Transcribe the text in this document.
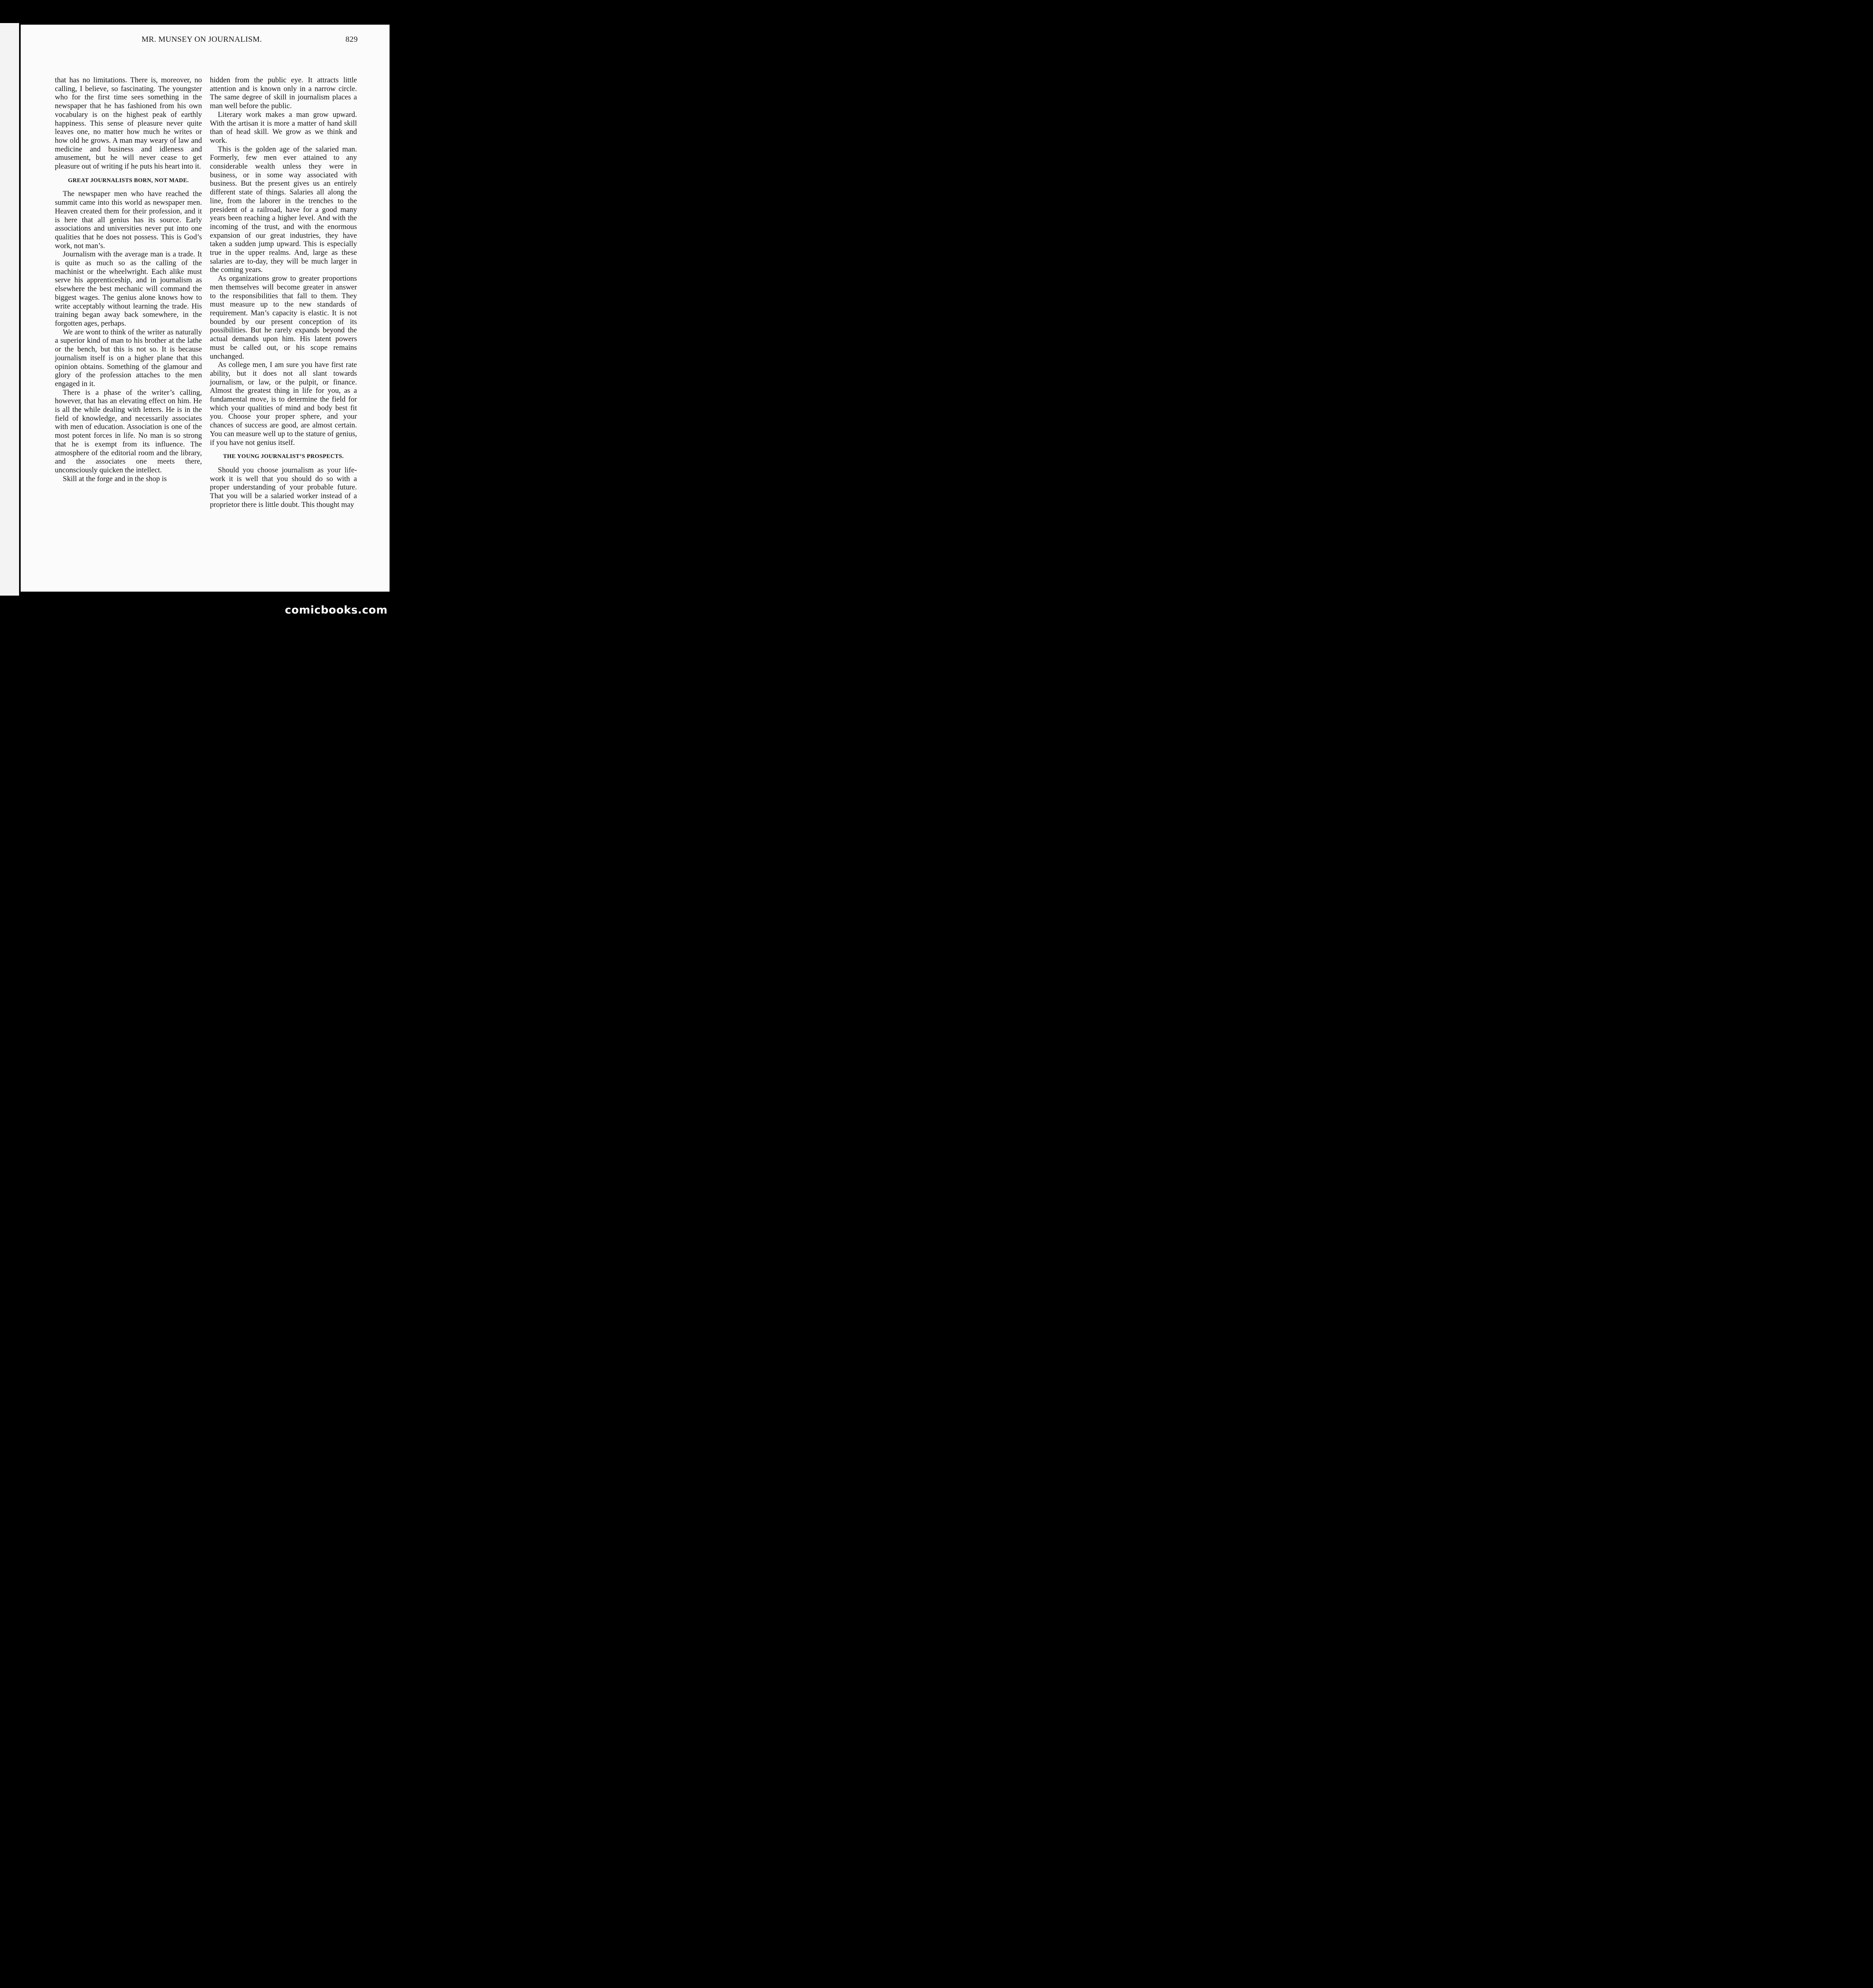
MR. MUNSEY ON JOURNALISM.	829

that has no limitations. There is, moreover, no calling, I believe, so fascinating. The youngster who for the first time sees something in the newspaper that he has fashioned from his own vocabulary is on the highest peak of earthly happiness. This sense of pleasure never quite leaves one, no matter how much he writes or how old he grows. A man may weary of law and medicine and business and idleness and amusement, but he will never cease to get pleasure out of writing if he puts his heart into it.

GREAT JOURNALISTS BORN, NOT MADE.

The newspaper men who have reached the summit came into this world as newspaper men. Heaven created them for their profession, and it is here that all genius has its source. Early associations and universities never put into one qualities that he does not possess. This is God’s work, not man’s.

Journalism with the average man is a trade. It is quite as much so as the calling of the machinist or the wheelwright. Each alike must serve his apprenticeship, and in journalism as elsewhere the best mechanic will command the biggest wages. The genius alone knows how to write acceptably without learning the trade. His training began away back somewhere, in the forgotten ages, perhaps.

We are wont to think of the writer as naturally a superior kind of man to his brother at the lathe or the bench, but this is not so. It is because journalism itself is on a higher plane that this opinion obtains. Something of the glamour and glory of the profession attaches to the men engaged in it.

There is a phase of the writer’s calling, however, that has an elevating effect on him. He is all the while dealing with letters. He is in the field of knowledge, and necessarily associates with men of education. Association is one of the most potent forces in life. No man is so strong that he is exempt from its influence. The atmosphere of the editorial room and the library, and the associates one meets there, unconsciously quicken the intellect.

Skill at the forge and in the shop is

hidden from the public eye. It attracts little attention and is known only in a narrow circle. The same degree of skill in journalism places a man well before the public.

Literary work makes a man grow upward. With the artisan it is more a matter of hand skill than of head skill. We grow as we think and work.

This is the golden age of the salaried man. Formerly, few men ever attained to any considerable wealth unless they were in business, or in some way associated with business. But the present gives us an entirely different state of things. Salaries all along the line, from the laborer in the trenches to the president of a railroad, have for a good many years been reaching a higher level. And with the incoming of the trust, and with the enormous expansion of our great industries, they have taken a sudden jump upward. This is especially true in the upper realms. And, large as these salaries are to-day, they will be much larger in the coming years.

As organizations grow to greater proportions men themselves will become greater in answer to the responsibilities that fall to them. They must measure up to the new standards of requirement. Man’s capacity is elastic. It is not bounded by our present conception of its possibilities. But he rarely expands beyond the actual demands upon him. His latent powers must be called out, or his scope remains unchanged.

As college men, I am sure you have first rate ability, but it does not all slant towards journalism, or law, or the pulpit, or finance. Almost the greatest thing in life for you, as a fundamental move, is to determine the field for which your qualities of mind and body best fit you. Choose your proper sphere, and your chances of success are good, are almost certain. You can measure well up to the stature of genius, if you have not genius itself.

THE YOUNG JOURNALIST’S PROSPECTS.

Should you choose journalism as your life-work it is well that you should do so with a proper understanding of your probable future. That you will be a salaried worker instead of a proprietor there is little doubt. This thought may

comicbooks.com
